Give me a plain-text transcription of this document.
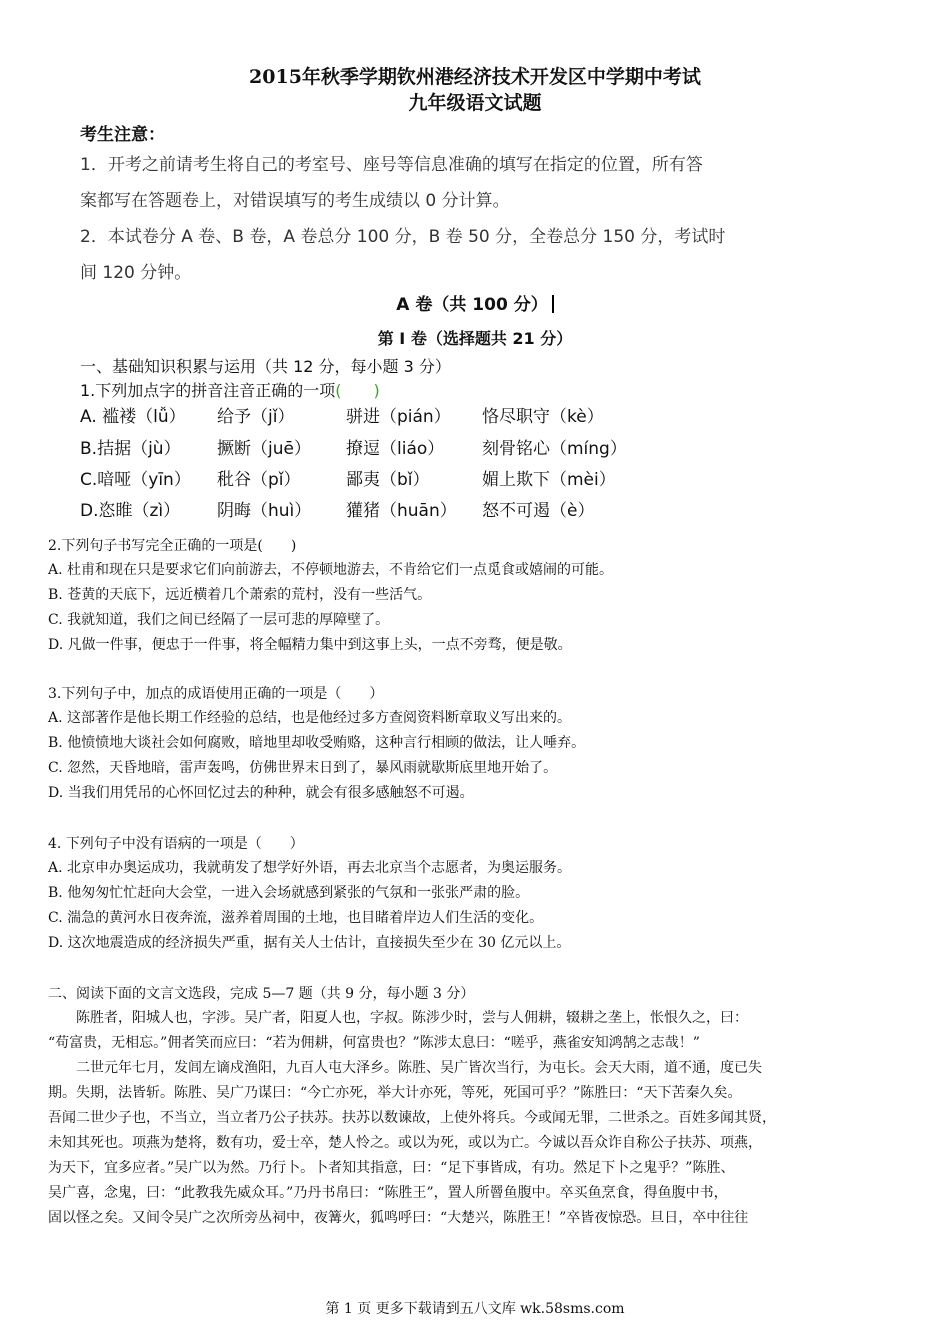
2015年秋季学期钦州港经济技术开发区中学期中考试
九年级语文试题
考生注意：
1．开考之前请考生将自己的考室号、座号等信息准确的填写在指定的位置，所有答
案都写在答题卷上，对错误填写的考生成绩以 0 分计算。
2．本试卷分 A 卷、B 卷，A 卷总分 100 分，B 卷 50 分，全卷总分 150 分，考试时
间 120 分钟。
A 卷（共 100 分）
第 I 卷（选择题共 21 分）
一、基础知识积累与运用（共 12 分，每小题 3 分）
1.下列加点字的拼音注音正确的一项(　　)
A. 褴褛（lǚ） 给予（jǐ）	骈进（pián） 恪尽职守（kè）
B.拮据（jù） 撅断（juē） 撩逗（liáo） 刻骨铭心（míng）
C.喑哑（yīn） 秕谷（pǐ）	鄙夷（bǐ）	媚上欺下（mèi）
D.恣睢（zì） 阴晦（huì） 獾猪（huān） 怒不可遏（è）
2.下列句子书写完全正确的一项是(　　)
A. 杜甫和现在只是要求它们向前游去，不停顿地游去，不肯给它们一点觅食或嬉闹的可能。
B. 苍黄的天底下，远近横着几个萧索的荒村，没有一些活气。
C. 我就知道，我们之间已经隔了一层可悲的厚障壁了。
D. 凡做一件事，便忠于一件事，将全幅精力集中到这事上头，一点不旁骛，便是敬。
3.下列句子中，加点的成语使用正确的一项是（　　）
A. 这部著作是他长期工作经验的总结，也是他经过多方查阅资料断章取义写出来的。
B. 他愤愤地大谈社会如何腐败，暗地里却收受贿赂，这种言行相顾的做法，让人唾弃。
C. 忽然，天昏地暗，雷声轰鸣，仿佛世界末日到了，暴风雨就歇斯底里地开始了。
D. 当我们用凭吊的心怀回忆过去的种种，就会有很多感触怒不可遏。
4. 下列句子中没有语病的一项是（　　）
A. 北京申办奥运成功，我就萌发了想学好外语，再去北京当个志愿者，为奥运服务。
B. 他匆匆忙忙赶向大会堂，一进入会场就感到紧张的气氛和一张张严肃的脸。
C. 湍急的黄河水日夜奔流，滋养着周围的土地，也目睹着岸边人们生活的变化。
D. 这次地震造成的经济损失严重，据有关人士估计，直接损失至少在 30 亿元以上。
二、阅读下面的文言文选段，完成 5—7 题（共 9 分，每小题 3 分）
　　陈胜者，阳城人也，字涉。吴广者，阳夏人也，字叔。陈涉少时，尝与人佣耕，辍耕之垄上，怅恨久之，曰：
“苟富贵，无相忘。”佣者笑而应曰：“若为佣耕，何富贵也？”陈涉太息曰：“嗟乎，燕雀安知鸿鹄之志哉！”
　　二世元年七月，发闾左谪戍渔阳，九百人屯大泽乡。陈胜、吴广皆次当行，为屯长。会天大雨，道不通，度已失
期。失期，法皆斩。陈胜、吴广乃谋曰：“今亡亦死，举大计亦死，等死，死国可乎？”陈胜曰：“天下苦秦久矣。
吾闻二世少子也，不当立，当立者乃公子扶苏。扶苏以数谏故，上使外将兵。今或闻无罪，二世杀之。百姓多闻其贤，
未知其死也。项燕为楚将，数有功，爱士卒，楚人怜之。或以为死，或以为亡。今诚以吾众诈自称公子扶苏、项燕，
为天下，宜多应者。”吴广以为然。乃行卜。卜者知其指意，曰：“足下事皆成，有功。然足下卜之鬼乎？”陈胜、
吴广喜，念鬼，曰：“此教我先威众耳。”乃丹书帛曰：“陈胜王”，置人所罾鱼腹中。卒买鱼烹食，得鱼腹中书，
固以怪之矣。又间令吴广之次所旁丛祠中，夜篝火，狐鸣呼曰：“大楚兴，陈胜王！”卒皆夜惊恐。旦日，卒中往往
第 1 页 更多下载请到五八文库 wk.58sms.com
